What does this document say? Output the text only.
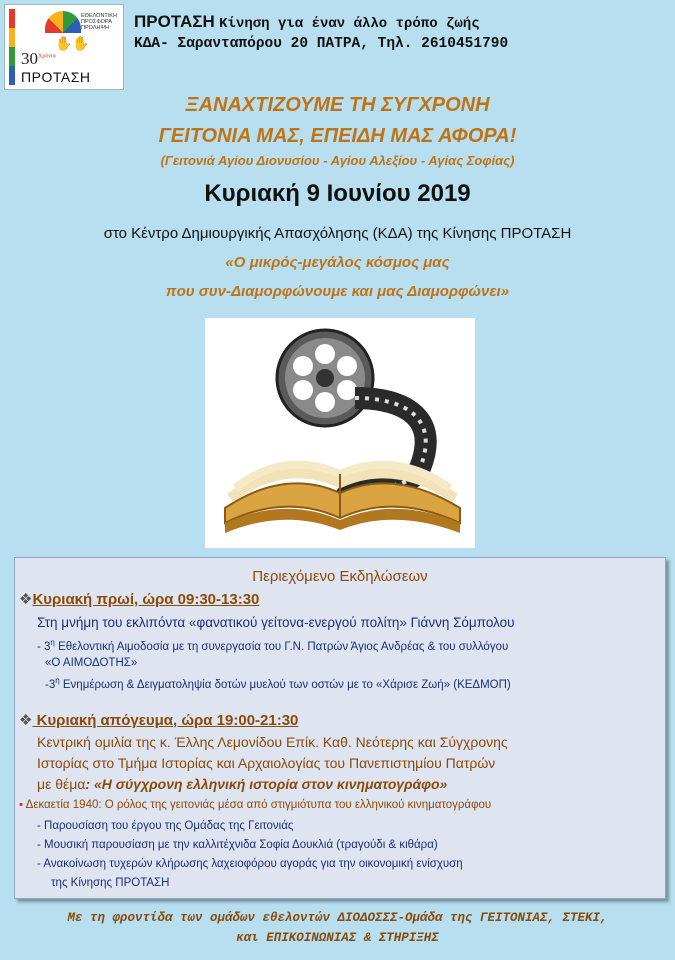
ΕΘΕΛΟΝΤΙΚΗ ΠΡΟΣΦΟΡΑ ΠΡΟΛΗΨΗ
✋✋
$30^{X\rho ό\nu\iota\alpha}$
ΠΡΟΤΑΣΗ
ΠΡΟΤΑΣΗ Κίνηση για έναν άλλο τρόπο ζωής
ΚΔΑ- Σαρανταπόρου 20 ΠΑΤΡΑ, Τηλ. 2610451790
ΞΑΝΑΧΤΙΖΟΥΜΕ ΤΗ ΣΥΓΧΡΟΝΗ
ΓΕΙΤΟΝΙΑ ΜΑΣ, ΕΠΕΙΔΗ ΜΑΣ ΑΦΟΡΑ!
(Γειτονιά Αγίου Διονυσίου - Αγίου Αλεξίου - Αγίας Σοφίας)
Κυριακή 9 Ιουνίου 2019
στο Κέντρο Δημιουργικής Απασχόλησης (ΚΔΑ) της Κίνησης ΠΡΟΤΑΣΗ
«Ο μικρός-μεγάλος κόσμος μας
που συν-Διαμορφώνουμε και μας Διαμορφώνει»
Περιεχόμενο Εκδηλώσεων
❖Κυριακή πρωί, ώρα 09:30-13:30
Στη μνήμη του εκλιπόντα «φανατικού γείτονα-ενεργού πολίτη» Γιάννη Σόμπολου
- $3^\eta$ Εθελοντική Αιμοδοσία με τη συνεργασία του Γ.Ν. Πατρών Άγιος Ανδρέας & του συλλόγου
«Ο ΑΙΜΟΔΟΤΗΣ»
$-3^\eta$ Ενημέρωση & Δειγματοληψία δοτών μυελού των οστών με το «Χάρισε Ζωή» (ΚΕΔΜΟΠ)
❖ Κυριακή απόγευμα, ώρα 19:00-21:30
Κεντρική ομιλία της κ. Έλλης Λεμονίδου Επίκ. Καθ. Νεότερης και Σύγχρονης
Ιστορίας στο Τμήμα Ιστορίας και Αρχαιολογίας του Πανεπιστημίου Πατρών
με θέμα: «Η σύγχρονη ελληνική ιστορία στον κινηματογράφο»
▪ Δεκαετία 1940: Ο ρόλος της γειτονιάς μέσα από στιγμιότυπα του ελληνικού κινηματογράφου
- Παρουσίαση του έργου της Ομάδας της Γειτονιάς
- Μουσική παρουσίαση με την καλλιτέχνιδα Σοφία Δουκλιά (τραγούδι & κιθάρα)
- Ανακοίνωση τυχερών κλήρωσης λαχειοφόρου αγοράς για την οικονομική ενίσχυση
της Κίνησης ΠΡΟΤΑΣΗ
Με τη φροντίδα των ομάδων εθελοντών ΔΙΟΔΟΣΣΣ-Ομάδα της ΓΕΙΤΟΝΙΑΣ, ΣΤΕΚΙ,
και ΕΠΙΚΟΙΝΩΝΙΑΣ & ΣΤΗΡΙΞΗΣ
